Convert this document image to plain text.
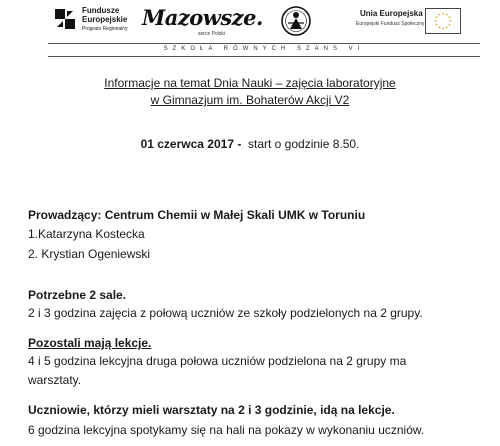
Fundusze
Europejskie
Program Regionalny Mazowsze.
serce Polski
Unia Europejska
Europejski Fundusz Społeczny
SZKOŁA RÓWNYCH SZANS VI
Informacje na temat Dnia Nauki – zajęcia laboratoryjne
w Gimnazjum im. Bohaterów Akcji V2
01 czerwca 2017 - start o godzinie 8.50.
Prowadzący: Centrum Chemii w Małej Skali UMK w Toruniu
1.Katarzyna Kostecka
2. Krystian Ogeniewski
Potrzebne 2 sale.
2 i 3 godzina zajęcia z połową uczniów ze szkoły podzielonych na 2 grupy.
Pozostali mają lekcje.
4 i 5 godzina lekcyjna druga połowa uczniów podzielona na 2 grupy ma
warsztaty.
Uczniowie, którzy mieli warsztaty na 2 i 3 godzinie, idą na lekcje.
6 godzina lekcyjna spotykamy się na hali na pokazy w wykonaniu uczniów.
